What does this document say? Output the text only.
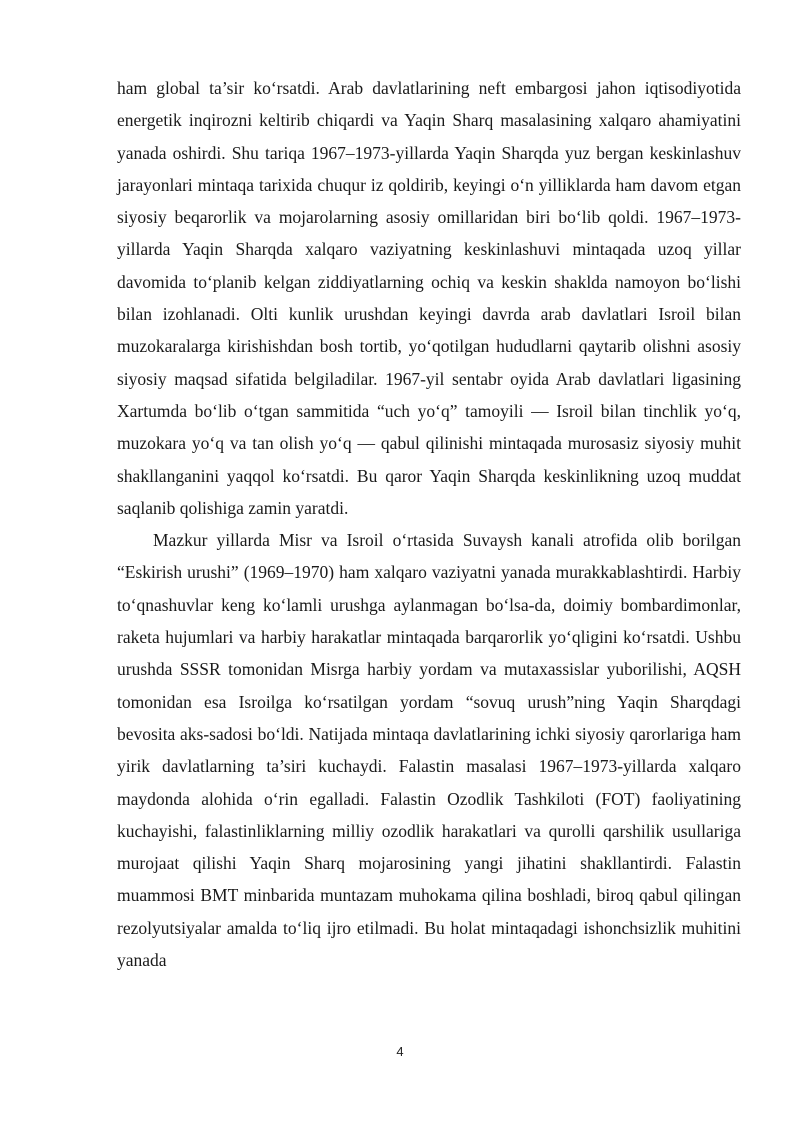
ham global ta’sir ko‘rsatdi. Arab davlatlarining neft embargosi jahon iqtisodiyotida energetik inqirozni keltirib chiqardi va Yaqin Sharq masalasining xalqaro ahamiyatini yanada oshirdi. Shu tariqa 1967–1973-yillarda Yaqin Sharqda yuz bergan keskinlashuv jarayonlari mintaqa tarixida chuqur iz qoldirib, keyingi o‘n yilliklarda ham davom etgan siyosiy beqarorlik va mojarolarning asosiy omillaridan biri bo‘lib qoldi. 1967–1973-yillarda Yaqin Sharqda xalqaro vaziyatning keskinlashuvi mintaqada uzoq yillar davomida to‘planib kelgan ziddiyatlarning ochiq va keskin shaklda namoyon bo‘lishi bilan izohlanadi. Olti kunlik urushdan keyingi davrda arab davlatlari Isroil bilan muzokaralarga kirishishdan bosh tortib, yo‘qotilgan hududlarni qaytarib olishni asosiy siyosiy maqsad sifatida belgiladilar. 1967-yil sentabr oyida Arab davlatlari ligasining Xartumda bo‘lib o‘tgan sammitida “uch yo‘q” tamoyili — Isroil bilan tinchlik yo‘q, muzokara yo‘q va tan olish yo‘q — qabul qilinishi mintaqada murosasiz siyosiy muhit shakllanganini yaqqol ko‘rsatdi. Bu qaror Yaqin Sharqda keskinlikning uzoq muddat saqlanib qolishiga zamin yaratdi.

Mazkur yillarda Misr va Isroil o‘rtasida Suvaysh kanali atrofida olib borilgan “Eskirish urushi” (1969–1970) ham xalqaro vaziyatni yanada murakkablashtirdi. Harbiy to‘qnashuvlar keng ko‘lamli urushga aylanmagan bo‘lsa-da, doimiy bombardimonlar, raketa hujumlari va harbiy harakatlar mintaqada barqarorlik yo‘qligini ko‘rsatdi. Ushbu urushda SSSR tomonidan Misrga harbiy yordam va mutaxassislar yuborilishi, AQSH tomonidan esa Isroilga ko‘rsatilgan yordam “sovuq urush”ning Yaqin Sharqdagi bevosita aks-sadosi bo‘ldi. Natijada mintaqa davlatlarining ichki siyosiy qarorlariga ham yirik davlatlarning ta’siri kuchaydi. Falastin masalasi 1967–1973-yillarda xalqaro maydonda alohida o‘rin egalladi. Falastin Ozodlik Tashkiloti (FOT) faoliyatining kuchayishi, falastinliklarning milliy ozodlik harakatlari va qurolli qarshilik usullariga murojaat qilishi Yaqin Sharq mojarosining yangi jihatini shakllantirdi. Falastin muammosi BMT minbarida muntazam muhokama qilina boshladi, biroq qabul qilingan rezolyutsiyalar amalda to‘liq ijro etilmadi. Bu holat mintaqadagi ishonchsizlik muhitini yanada

4
